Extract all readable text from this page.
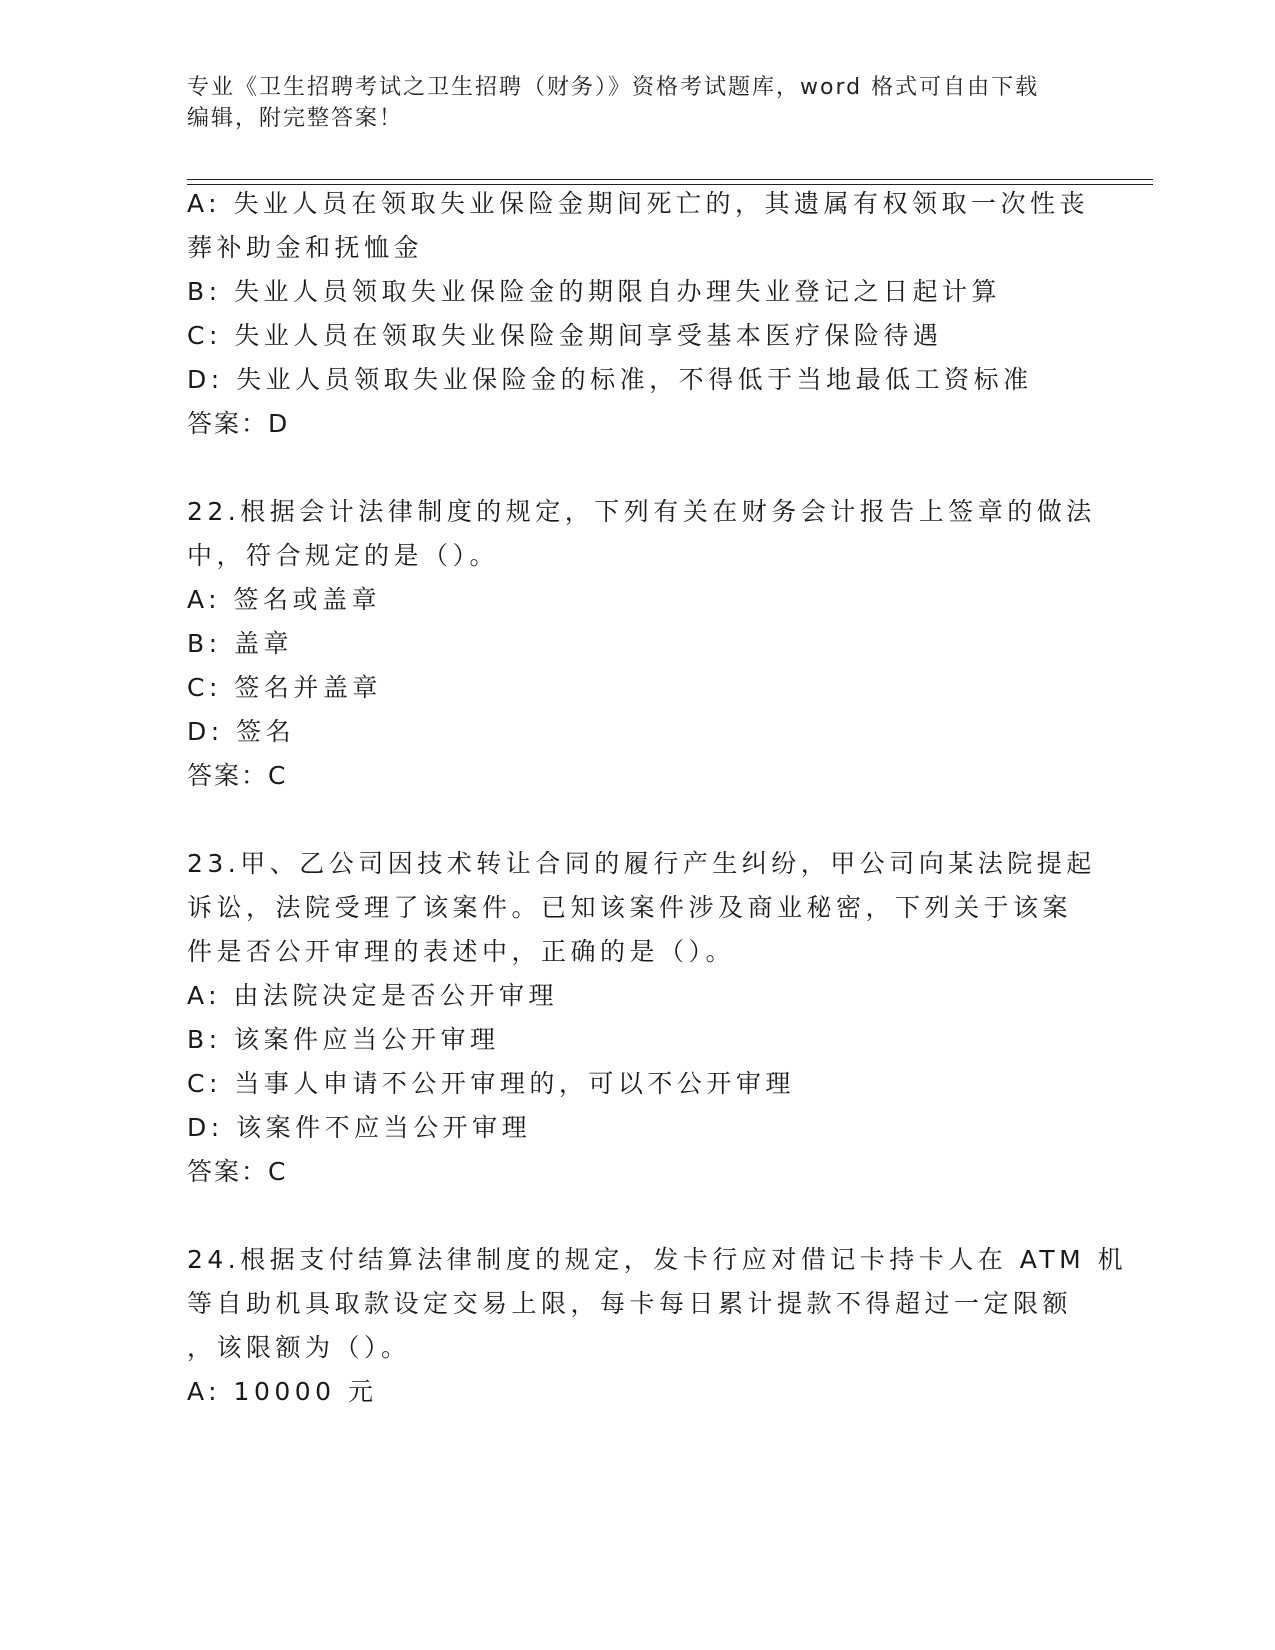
专业《卫生招聘考试之卫生招聘（财务）》资格考试题库，word 格式可自由下载
编辑，附完整答案！
A: 失业人员在领取失业保险金期间死亡的，其遗属有权领取一次性丧
葬补助金和抚恤金
B: 失业人员领取失业保险金的期限自办理失业登记之日起计算
C: 失业人员在领取失业保险金期间享受基本医疗保险待遇
D: 失业人员领取失业保险金的标准，不得低于当地最低工资标准
答案：D
22.根据会计法律制度的规定，下列有关在财务会计报告上签章的做法
中，符合规定的是（）。
A: 签名或盖章
B: 盖章
C: 签名并盖章
D: 签名
答案：C
23.甲、乙公司因技术转让合同的履行产生纠纷，甲公司向某法院提起
诉讼，法院受理了该案件。已知该案件涉及商业秘密，下列关于该案
件是否公开审理的表述中，正确的是（）。
A: 由法院决定是否公开审理
B: 该案件应当公开审理
C: 当事人申请不公开审理的，可以不公开审理
D: 该案件不应当公开审理
答案：C
24.根据支付结算法律制度的规定，发卡行应对借记卡持卡人在 ATM 机
等自助机具取款设定交易上限，每卡每日累计提款不得超过一定限额
，该限额为（）。
A: 10000 元
